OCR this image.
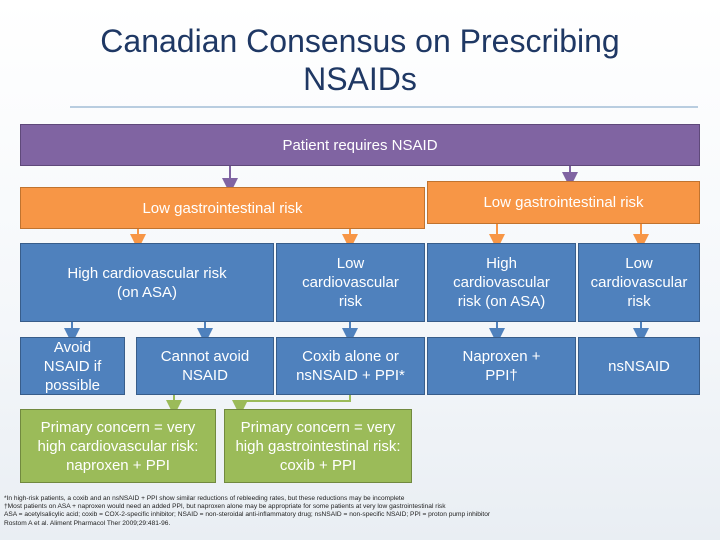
Canadian Consensus on Prescribing
NSAIDs
Patient requires NSAID
Low gastrointestinal risk	Low gastrointestinal risk
High cardiovascular risk (on ASA)
Low cardiovascular risk
High cardiovascular risk (on ASA)
Low cardiovascular risk
Avoid NSAID if possible
Cannot avoid NSAID
Coxib alone or nsNSAID + PPI*
Naproxen + PPI†
nsNSAID
Primary concern = very high cardiovascular risk: naproxen + PPI
Primary concern = very high gastrointestinal risk: coxib + PPI
*In high-risk patients, a coxib and an nsNSAID + PPI show similar reductions of rebleeding rates, but these reductions may be incomplete
†Most patients on ASA + naproxen would need an added PPI, but naproxen alone may be appropriate for some patients at very low gastrointestinal risk
ASA = acetylsalicylic acid; coxib = COX-2-specific inhibitor; NSAID = non-steroidal anti-inflammatory drug; nsNSAID = non-specific NSAID; PPI = proton pump inhibitor
Rostom A et al. Aliment Pharmacol Ther 2009;29:481-96.
